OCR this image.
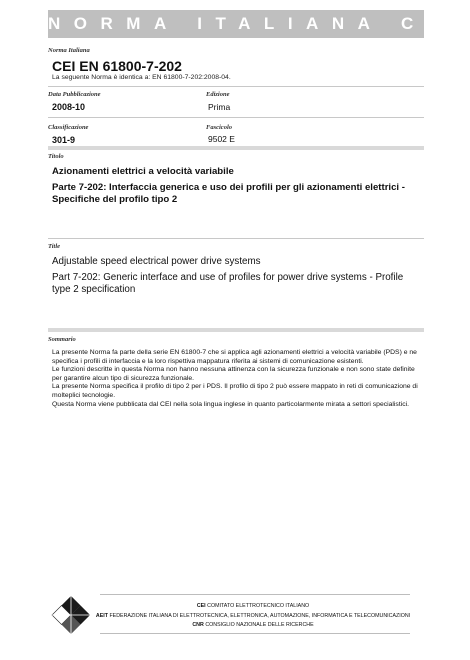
NORMA ITALIANA CEI
Norma Italiana
CEI EN 61800-7-202
La seguente Norma è identica a: EN 61800-7-202:2008-04.
Data Pubblicazione
2008-10
Edizione
Prima
Classificazione
301-9
Fascicolo
9502 E
Titolo

Azionamenti elettrici a velocità variabile

Parte 7-202: Interfaccia generica e uso dei profili per gli azionamenti elettrici - Specifiche del profilo tipo 2

Title

Adjustable speed electrical power drive systems

Part 7-202: Generic interface and use of profiles for power drive systems - Profile type 2 specification

Sommario

La presente Norma fa parte della serie EN 61800-7 che si applica agli azionamenti elettrici a velocità variabile (PDS) e ne specifica i profili di interfaccia e la loro rispettiva mappatura riferita ai sistemi di comunicazione esistenti.

Le funzioni descritte in questa Norma non hanno nessuna attinenza con la sicurezza funzionale e non sono state definite per garantire alcun tipo di sicurezza funzionale.

La presente Norma specifica il profilo di tipo 2 per i PDS. Il profilo di tipo 2 può essere mappato in reti di comunicazione di molteplici tecnologie.

Questa Norma viene pubblicata dal CEI nella sola lingua inglese in quanto particolarmente mirata a settori specialistici.

CEI COMITATO ELETTROTECNICO ITALIANO
AEIT FEDERAZIONE ITALIANA DI ELETTROTECNICA, ELETTRONICA, AUTOMAZIONE, INFORMATICA E TELECOMUNICAZIONI
CNR CONSIGLIO NAZIONALE DELLE RICERCHE
